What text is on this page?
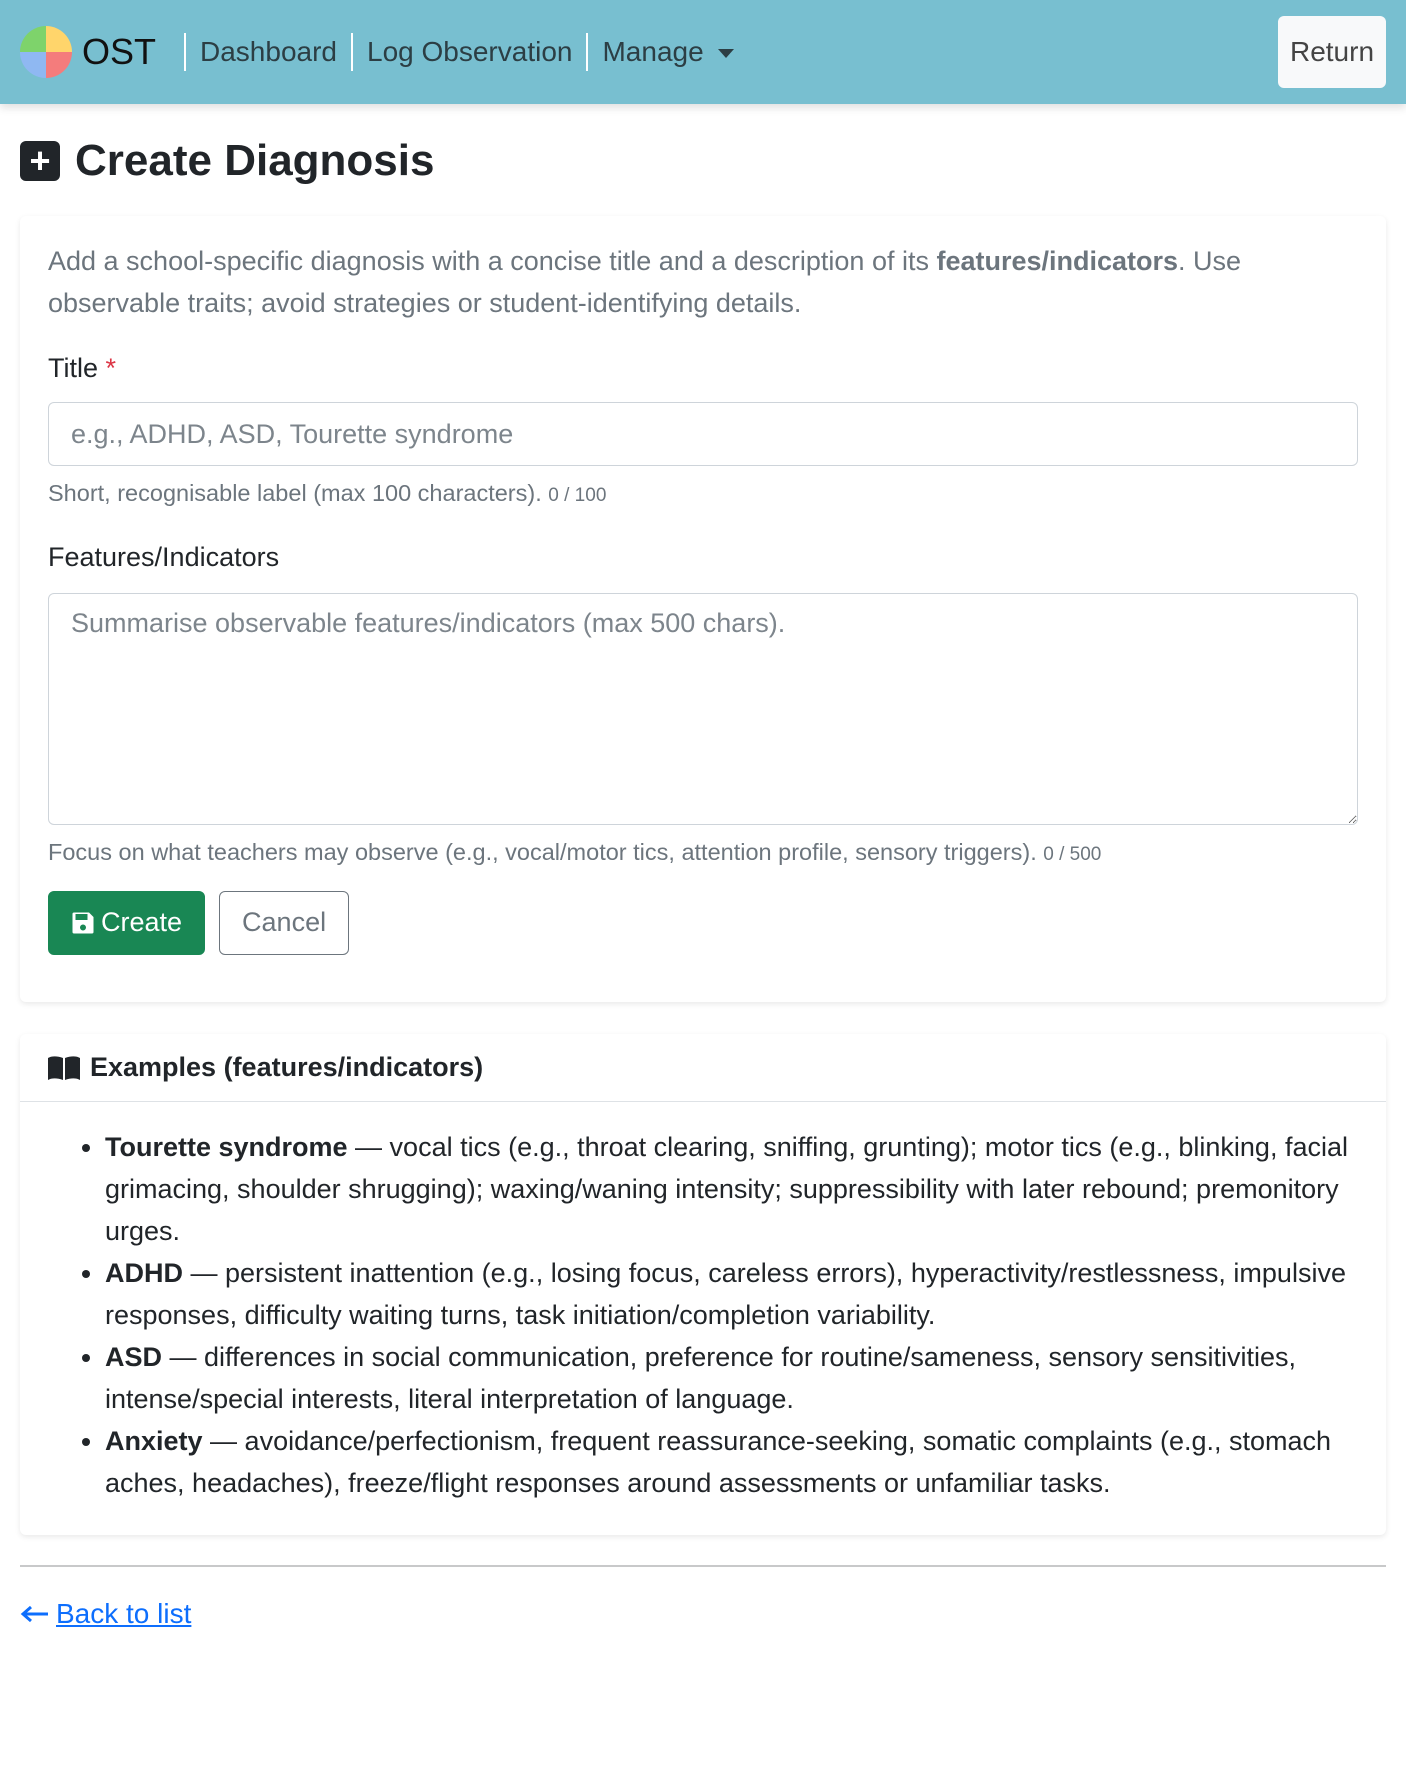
OST Dashboard Log Observation Manage	Return
+ Create Diagnosis

Add a school-specific diagnosis with a concise title and a description of its features/indicators. Use observable traits; avoid strategies or student-identifying details.

Title *
e.g., ADHD, ASD, Tourette syndrome
Short, recognisable label (max 100 characters). 0 / 100
Features/Indicators
Summarise observable features/indicators (max 500 chars).
Focus on what teachers may observe (e.g., vocal/motor tics, attention profile, sensory triggers). 0 / 500
Create	Cancel
Examples (features/indicators)
• Tourette syndrome — vocal tics (e.g., throat clearing, sniffing, grunting); motor tics (e.g., blinking, facial grimacing, shoulder shrugging); waxing/waning intensity; suppressibility with later rebound; premonitory urges.
• ADHD — persistent inattention (e.g., losing focus, careless errors), hyperactivity/restlessness, impulsive responses, difficulty waiting turns, task initiation/completion variability.
• ASD — differences in social communication, preference for routine/sameness, sensory sensitivities, intense/special interests, literal interpretation of language.
• Anxiety — avoidance/perfectionism, frequent reassurance-seeking, somatic complaints (e.g., stomach aches, headaches), freeze/flight responses around assessments or unfamiliar tasks.
Back to list
